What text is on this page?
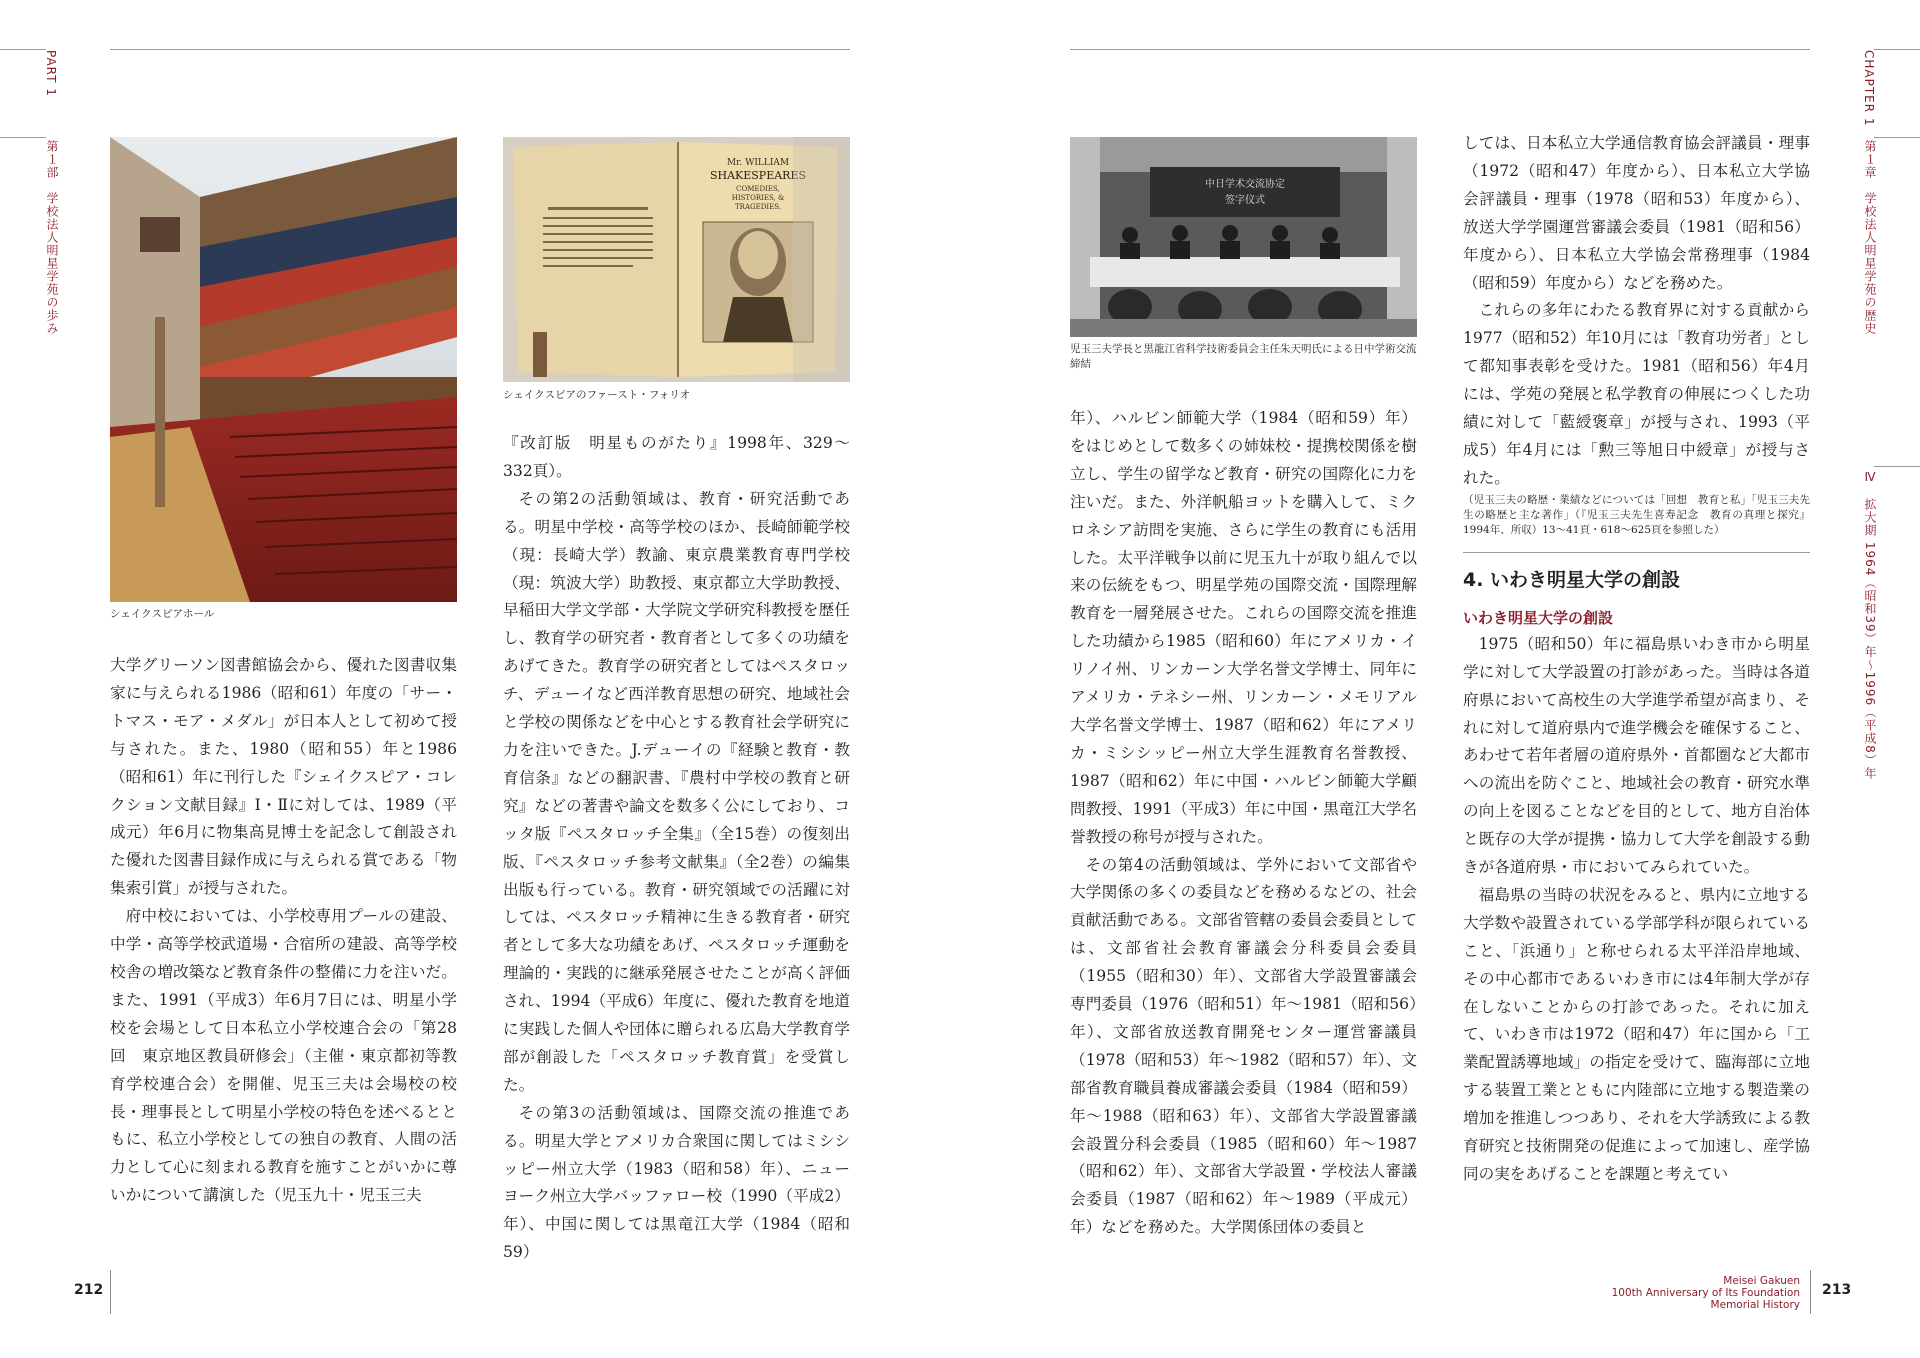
PART 1
第１部　学校法人明星学苑の歩み
シェイクスピアホール
Mr. WILLIAM
SHAKESPEARES
COMEDIES,
HISTORIES, &
TRAGEDIES.
シェイクスピアのファースト・フォリオ

大学グリーソン図書館協会から、優れた図書収集家に与えられる1986（昭和61）年度の「サー・トマス・モア・メダル」が日本人として初めて授与された。また、1980（昭和55）年と1986（昭和61）年に刊行した『シェイクスピア・コレクション文献目録』Ⅰ・Ⅱに対しては、1989（平成元）年6月に物集高見博士を記念して創設された優れた図書目録作成に与えられる賞である「物集索引賞」が授与された。

府中校においては、小学校専用プールの建設、中学・高等学校武道場・合宿所の建設、高等学校校舎の増改築など教育条件の整備に力を注いだ。また、1991（平成3）年6月7日には、明星小学校を会場として日本私立小学校連合会の「第28回　東京地区教員研修会」（主催・東京都初等教育学校連合会）を開催、児玉三夫は会場校の校長・理事長として明星小学校の特色を述べるとともに、私立小学校としての独自の教育、人間の活力として心に刻まれる教育を施すことがいかに尊いかについて講演した（児玉九十・児玉三夫

『改訂版　明星ものがたり』1998年、329～332頁）。

その第2の活動領域は、教育・研究活動である。明星中学校・高等学校のほか、長崎師範学校（現：長崎大学）教諭、東京農業教育専門学校（現：筑波大学）助教授、東京都立大学助教授、早稲田大学文学部・大学院文学研究科教授を歴任し、教育学の研究者・教育者として多くの功績をあげてきた。教育学の研究者としてはペスタロッチ、デューイなど西洋教育思想の研究、地域社会と学校の関係などを中心とする教育社会学研究に力を注いできた。J.デューイの『経験と教育・教育信条』などの翻訳書、『農村中学校の教育と研究』などの著書や論文を数多く公にしており、コッタ版『ペスタロッチ全集』（全15巻）の復刻出版、『ペスタロッチ参考文献集』（全2巻）の編集出版も行っている。教育・研究領域での活躍に対しては、ペスタロッチ精神に生きる教育者・研究者として多大な功績をあげ、ペスタロッチ運動を理論的・実践的に継承発展させたことが高く評価され、1994（平成6）年度に、優れた教育を地道に実践した個人や団体に贈られる広島大学教育学部が創設した「ペスタロッチ教育賞」を受賞した。

その第3の活動領域は、国際交流の推進である。明星大学とアメリカ合衆国に関してはミシシッピー州立大学（1983（昭和58）年）、ニューヨーク州立大学バッファロー校（1990（平成2）年）、中国に関しては黒竜江大学（1984（昭和59）

212
CHAPTER 1
第１章　学校法人明星学苑の歴史
Ⅳ　拡大期 1964（昭和39）年～1996（平成8）年
中日学术交流协定
签字仪式
児玉三夫学長と黒龍江省科学技術委員会主任朱天明氏による日中学術交流締結

年）、ハルビン師範大学（1984（昭和59）年）をはじめとして数多くの姉妹校・提携校関係を樹立し、学生の留学など教育・研究の国際化に力を注いだ。また、外洋帆船ヨットを購入して、ミクロネシア訪問を実施、さらに学生の教育にも活用した。太平洋戦争以前に児玉九十が取り組んで以来の伝統をもつ、明星学苑の国際交流・国際理解教育を一層発展させた。これらの国際交流を推進した功績から1985（昭和60）年にアメリカ・イリノイ州、リンカーン大学名誉文学博士、同年にアメリカ・テネシー州、リンカーン・メモリアル大学名誉文学博士、1987（昭和62）年にアメリカ・ミシシッピー州立大学生涯教育名誉教授、1987（昭和62）年に中国・ハルビン師範大学顧問教授、1991（平成3）年に中国・黒竜江大学名誉教授の称号が授与された。

その第4の活動領域は、学外において文部省や大学関係の多くの委員などを務めるなどの、社会貢献活動である。文部省管轄の委員会委員としては、文部省社会教育審議会分科委員会委員（1955（昭和30）年）、文部省大学設置審議会専門委員（1976（昭和51）年～1981（昭和56）年）、文部省放送教育開発センター運営審議員（1978（昭和53）年～1982（昭和57）年）、文部省教育職員養成審議会委員（1984（昭和59）年～1988（昭和63）年）、文部省大学設置審議会設置分科会委員（1985（昭和60）年～1987（昭和62）年）、文部省大学設置・学校法人審議会委員（1987（昭和62）年～1989（平成元）年）などを務めた。大学関係団体の委員と

しては、日本私立大学通信教育協会評議員・理事（1972（昭和47）年度から）、日本私立大学協会評議員・理事（1978（昭和53）年度から）、放送大学学園運営審議会委員（1981（昭和56）年度から）、日本私立大学協会常務理事（1984（昭和59）年度から）などを務めた。

これらの多年にわたる教育界に対する貢献から1977（昭和52）年10月には「教育功労者」として都知事表彰を受けた。1981（昭和56）年4月には、学苑の発展と私学教育の伸展につくした功績に対して「藍綬褒章」が授与され、1993（平成5）年4月には「勲三等旭日中綬章」が授与された。

（児玉三夫の略歴・業績などについては「回想　教育と私」「児玉三夫先生の略歴と主な著作」（『児玉三夫先生喜寿記念　教育の真理と探究』1994年、所収）13～41頁・618～625頁を参照した）

4. いわき明星大学の創設
いわき明星大学の創設

1975（昭和50）年に福島県いわき市から明星学に対して大学設置の打診があった。当時は各道府県において高校生の大学進学希望が高まり、それに対して道府県内で進学機会を確保すること、あわせて若年者層の道府県外・首都圏など大都市への流出を防ぐこと、地域社会の教育・研究水準の向上を図ることなどを目的として、地方自治体と既存の大学が提携・協力して大学を創設する動きが各道府県・市においてみられていた。

福島県の当時の状況をみると、県内に立地する大学数や設置されている学部学科が限られていること、「浜通り」と称せられる太平洋沿岸地域、その中心都市であるいわき市には4年制大学が存在しないことからの打診であった。それに加えて、いわき市は1972（昭和47）年に国から「工業配置誘導地域」の指定を受けて、臨海部に立地する装置工業とともに内陸部に立地する製造業の増加を推進しつつあり、それを大学誘致による教育研究と技術開発の促進によって加速し、産学協同の実をあげることを課題と考えてい

Meisei Gakuen
100th Anniversary of Its Foundation
Memorial History
213
